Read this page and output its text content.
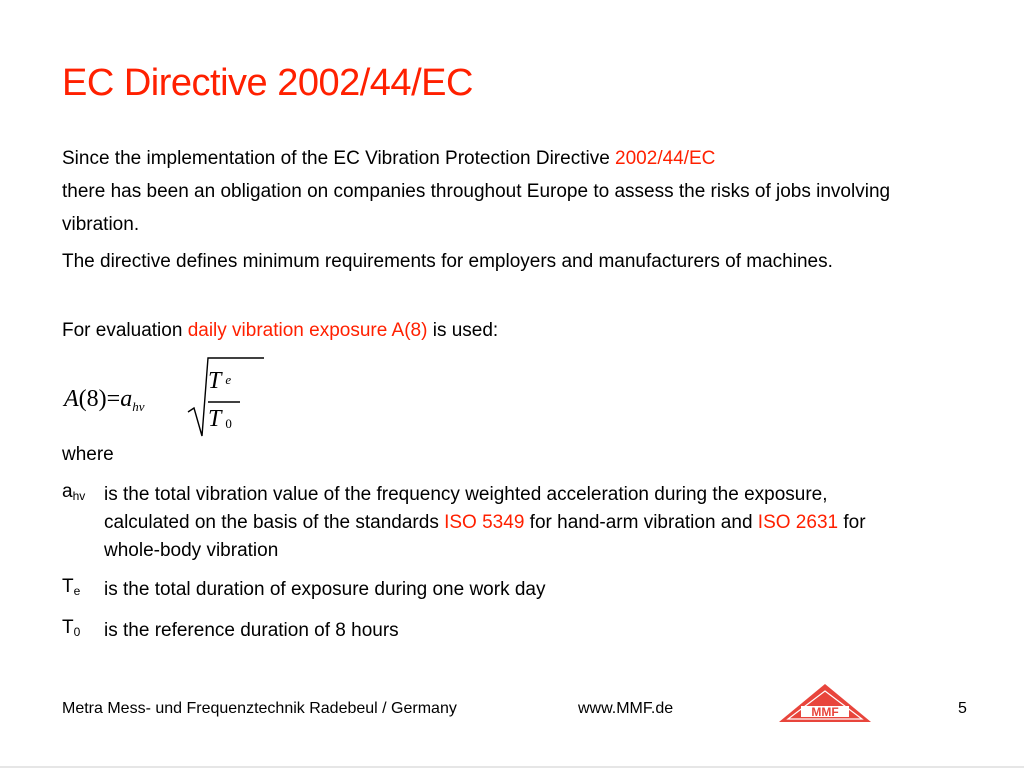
EC Directive 2002/44/EC
Since the implementation of the EC Vibration Protection Directive 2002/44/EC
there has been an obligation on companies throughout Europe to assess the risks of jobs involving vibration.
The directive defines minimum requirements for employers and manufacturers of machines.
For evaluation daily vibration exposure A(8) is used:
$A(8)=a_{hv}$
T $_e$
T $_0$
where
$a_{hv}$ is the total vibration value of the frequency weighted acceleration during the exposure, calculated on the basis of the standards ISO 5349 for hand-arm vibration and ISO 2631 for whole-body vibration
$T_e$ is the total duration of exposure during one work day
$T_0$ is the reference duration of 8 hours
Metra Mess- und Frequenztechnik Radebeul / Germany	www.MMF.de	MMF	5
